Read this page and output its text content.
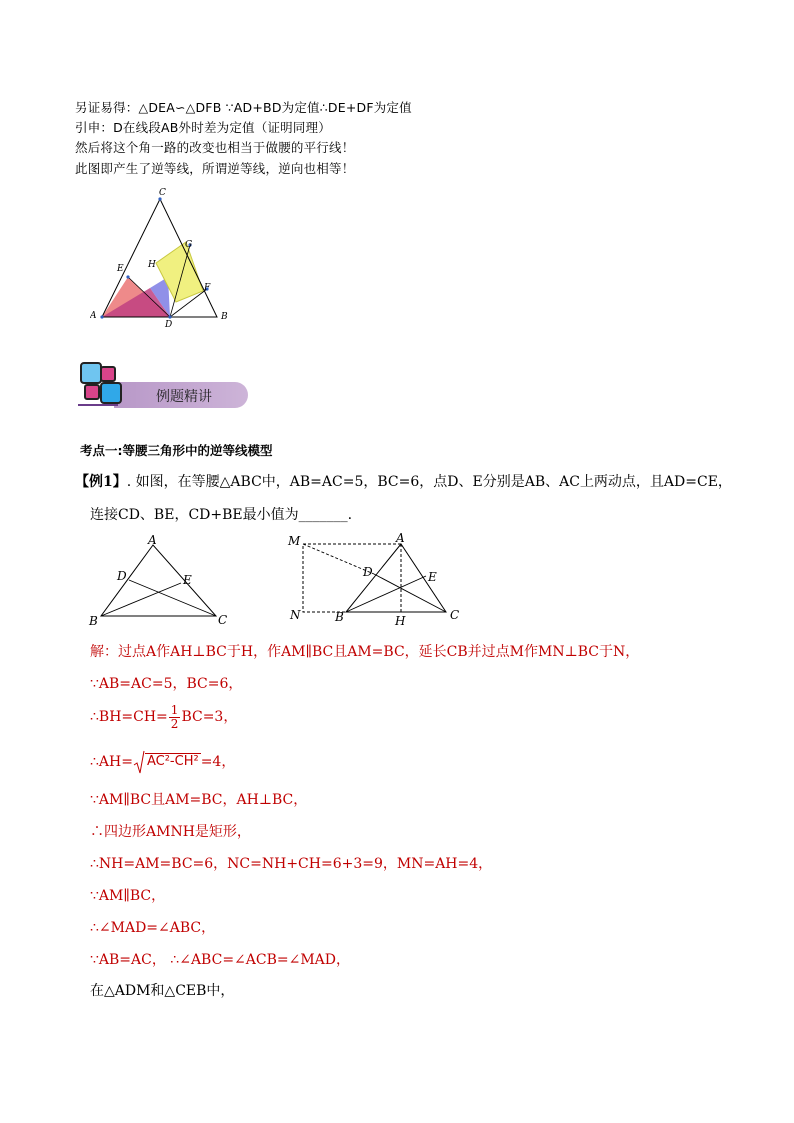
另证易得：△DEA∽△DFB ∵AD+BD为定值∴DE+DF为定值
引申：D在线段AB外时差为定值（证明同理）
然后将这个角一路的改变也相当于做腰的平行线！
此图即产生了逆等线，所谓逆等线，逆向也相等！
C
G
E	H
F
A
D
B
例题精讲
考点一:等腰三角形中的逆等线模型
【例1】. 如图，在等腰△ABC中，AB=AC=5，BC=6，点D、E分别是AB、AC上两动点，且AD=CE，
连接CD、BE，CD+BE最小值为_______.
A
D	E
B	C
M	A
D	E
N	B	H	C
解：过点A作AH⊥BC于H，作AM∥BC且AM=BC，延长CB并过点M作MN⊥BC于N，
∵AB=AC=5，BC=6，
∴BH=CH= $\frac{1}{2} BC=3$，
∴AH= AC²-CH² =4，
∵AM∥BC且AM=BC，AH⊥BC，
∴四边形AMNH是矩形，
∴NH=AM=BC=6，NC=NH+CH=6+3=9，MN=AH=4，
∵AM∥BC，
∴∠MAD=∠ABC，
∵AB=AC， ∴∠ABC=∠ACB=∠MAD，
在△ADM和△CEB中，
